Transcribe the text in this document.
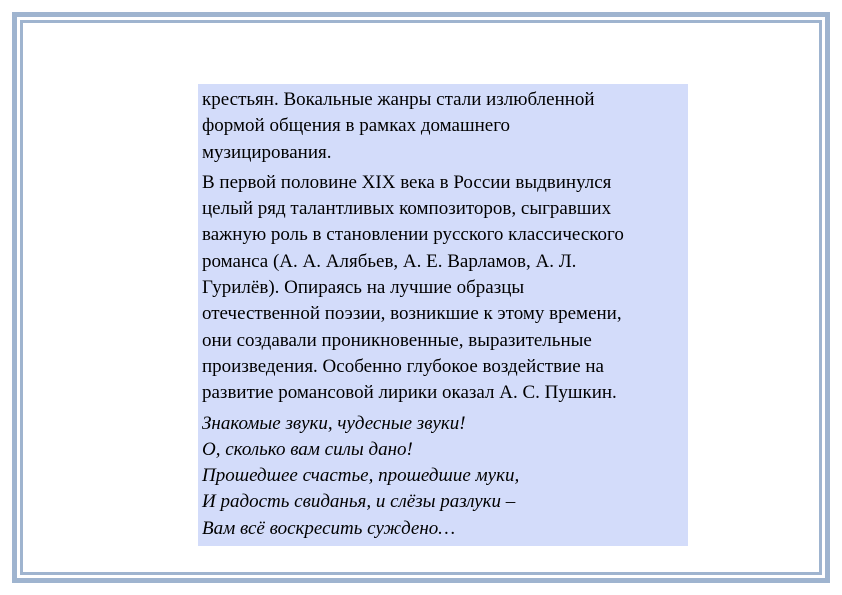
крестьян. Вокальные жанры стали излюбленной
формой общения в рамках домашнего
музицирования.
В первой половине XIX века в России выдвинулся
целый ряд талантливых композиторов, сыгравших
важную роль в становлении русского классического
романса (А. А. Алябьев, А. Е. Варламов, А. Л.
Гурилёв). Опираясь на лучшие образцы
отечественной поэзии, возникшие к этому времени,
они создавали проникновенные, выразительные
произведения. Особенно глубокое воздействие на
развитие романсовой лирики оказал А. С. Пушкин.
Знакомые звуки, чудесные звуки!
О, сколько вам силы дано!
Прошедшее счастье, прошедшие муки,
И радость свиданья, и слёзы разлуки –
Вам всё воскресить суждено…
